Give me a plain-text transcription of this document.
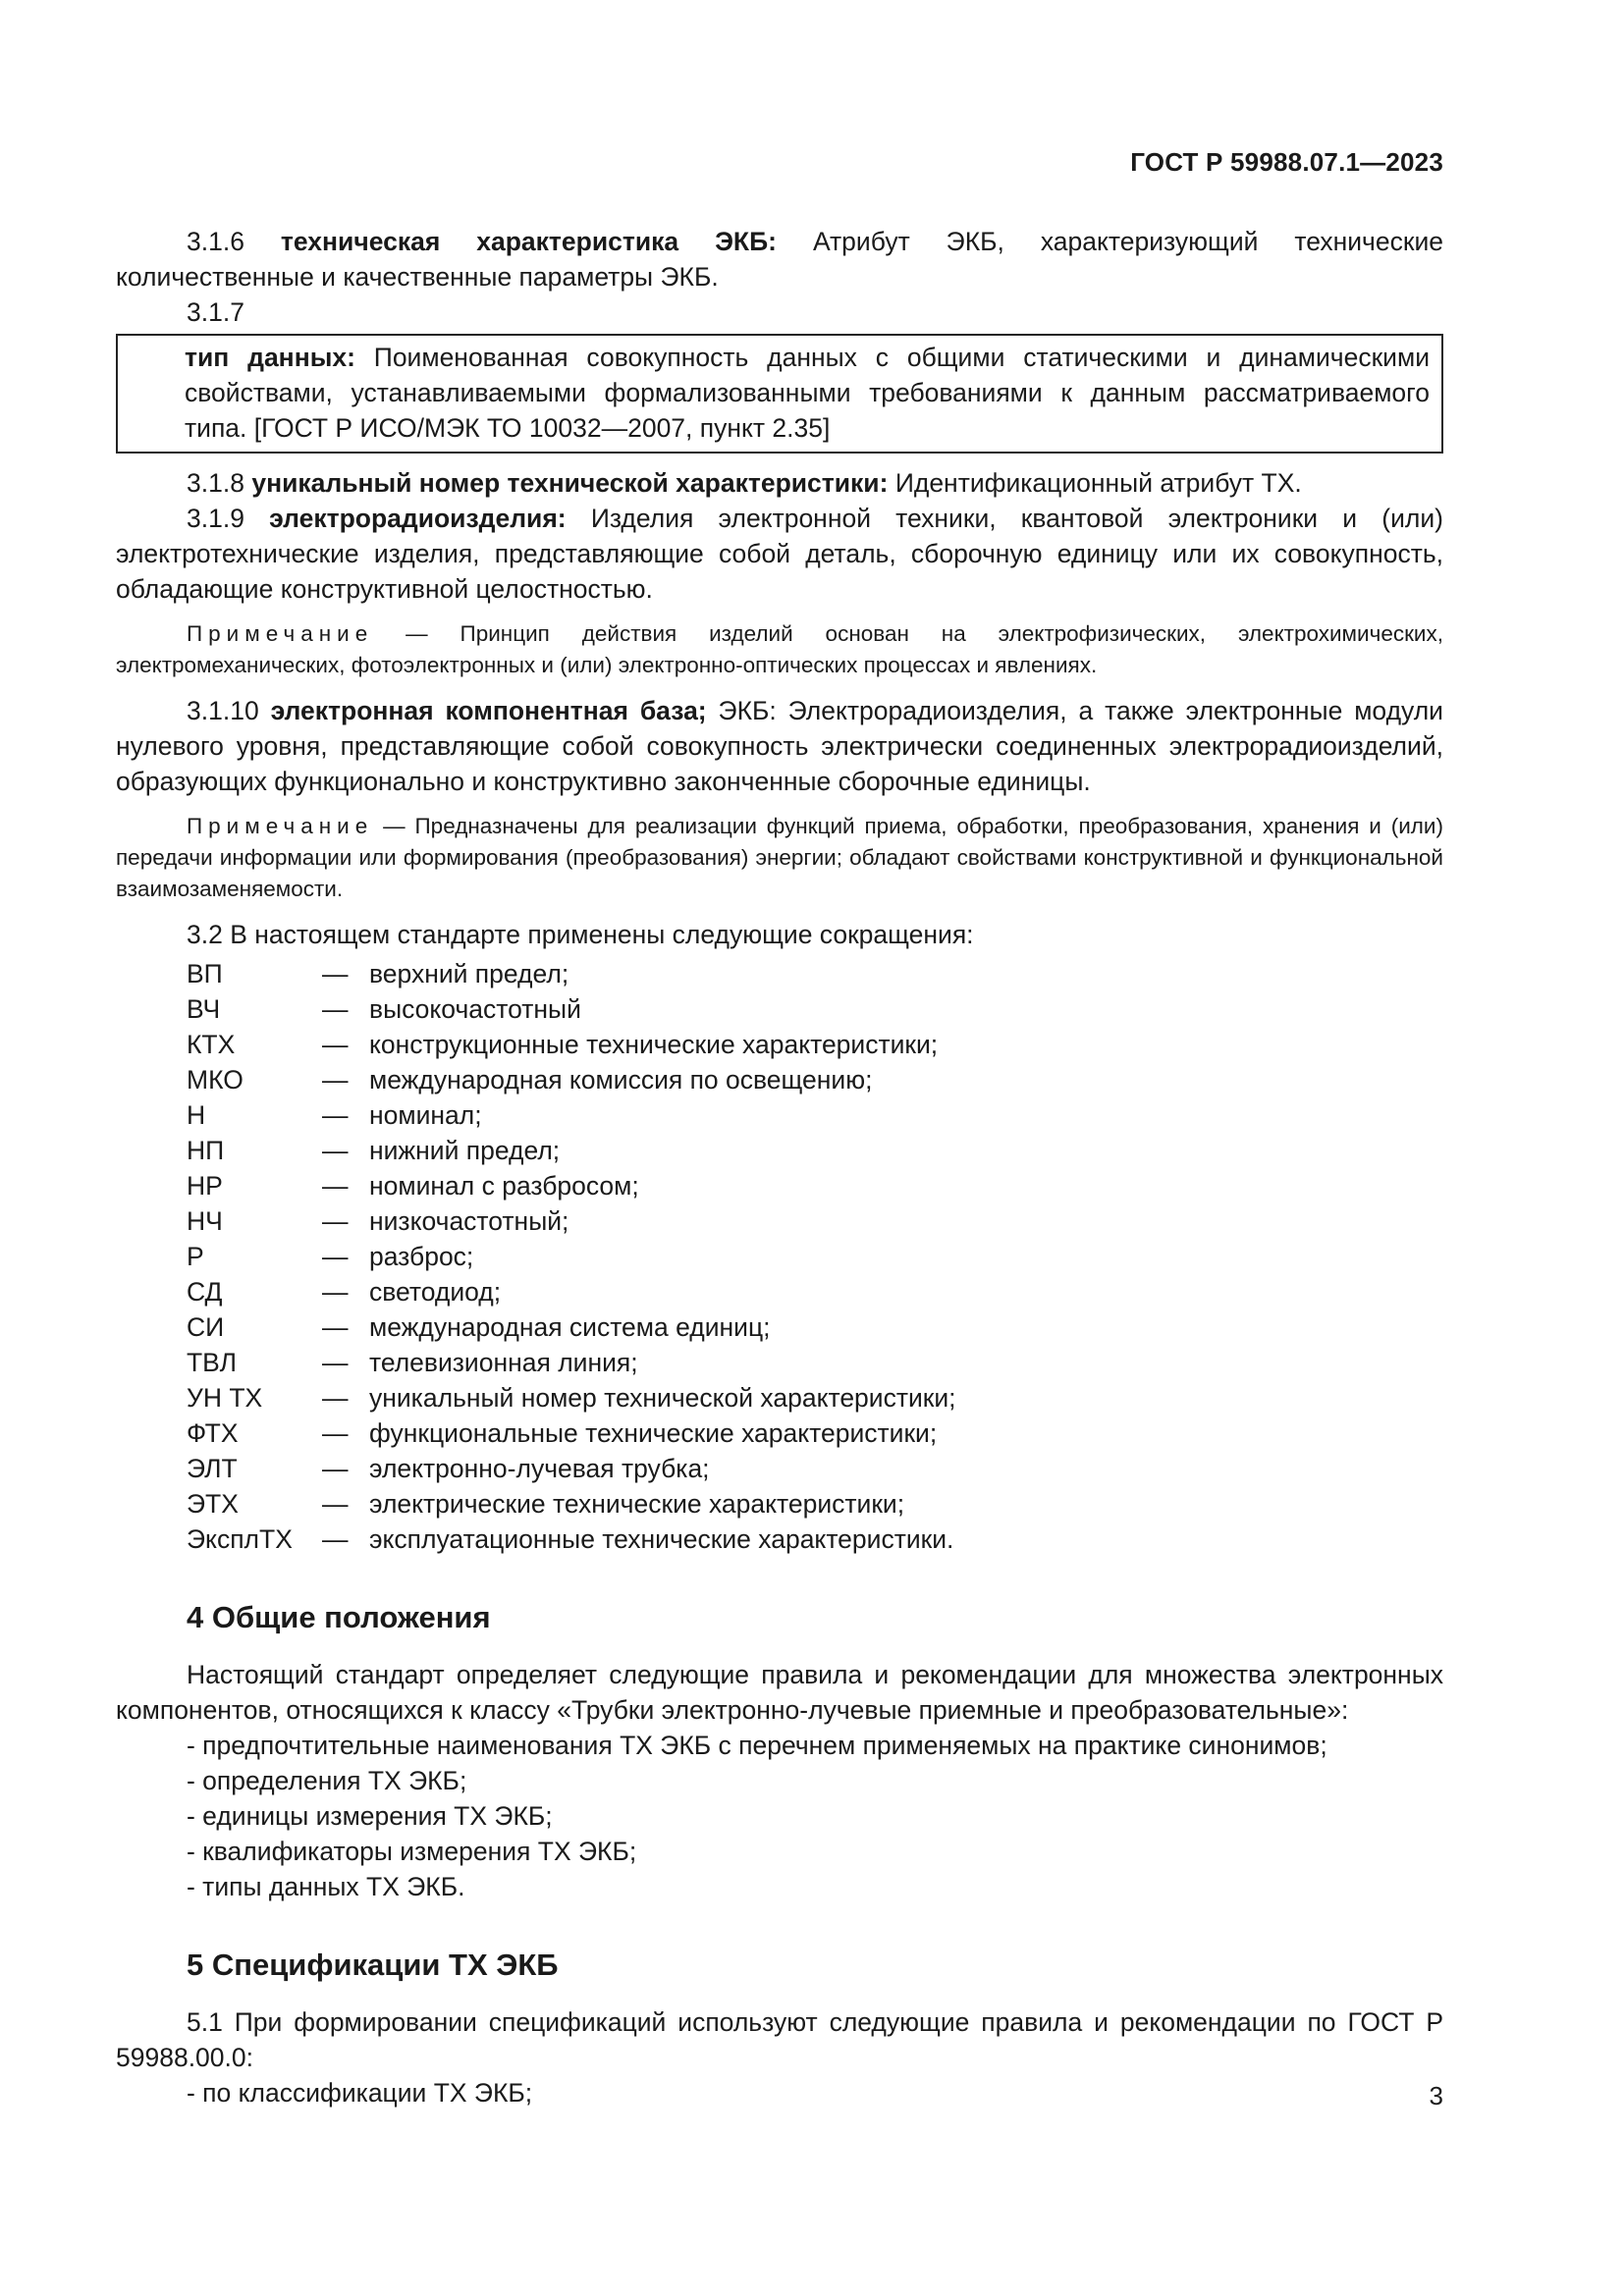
ГОСТ Р 59988.07.1—2023

3.1.6 техническая характеристика ЭКБ: Атрибут ЭКБ, характеризующий технические количественные и качественные параметры ЭКБ.

3.1.7

тип данных: Поименованная совокупность данных с общими статическими и динамическими свойствами, устанавливаемыми формализованными требованиями к данным рассматриваемого типа. [ГОСТ Р ИСО/МЭК ТО 10032—2007, пункт 2.35]

3.1.8 уникальный номер технической характеристики: Идентификационный атрибут ТХ.

3.1.9 электрорадиоизделия: Изделия электронной техники, квантовой электроники и (или) электротехнические изделия, представляющие собой деталь, сборочную единицу или их совокупность, обладающие конструктивной целостностью.

Примечание — Принцип действия изделий основан на электрофизических, электрохимических, электромеханических, фотоэлектронных и (или) электронно-оптических процессах и явлениях.

3.1.10 электронная компонентная база; ЭКБ: Электрорадиоизделия, а также электронные модули нулевого уровня, представляющие собой совокупность электрически соединенных электрорадиоизделий, образующих функционально и конструктивно законченные сборочные единицы.

Примечание — Предназначены для реализации функций приема, обработки, преобразования, хранения и (или) передачи информации или формирования (преобразования) энергии; обладают свойствами конструктивной и функциональной взаимозаменяемости.

3.2 В настоящем стандарте применены следующие сокращения:

ВП	— верхний предел;
ВЧ	— высокочастотный
КТХ	— конструкционные технические характеристики;
МКО	— международная комиссия по освещению;
Н	— номинал;
НП	— нижний предел;
НР	— номинал с разбросом;
НЧ	— низкочастотный;
Р	— разброс;
СД	— светодиод;
СИ	— международная система единиц;
ТВЛ	— телевизионная линия;
УН ТХ	— уникальный номер технической характеристики;
ФТХ	— функциональные технические характеристики;
ЭЛТ	— электронно-лучевая трубка;
ЭТХ	— электрические технические характеристики;
ЭксплТХ	— эксплуатационные технические характеристики.
4 Общие положения

Настоящий стандарт определяет следующие правила и рекомендации для множества электронных компонентов, относящихся к классу «Трубки электронно-лучевые приемные и преобразовательные»:

- предпочтительные наименования ТХ ЭКБ с перечнем применяемых на практике синонимов;
- определения ТХ ЭКБ;
- единицы измерения ТХ ЭКБ;
- квалификаторы измерения ТХ ЭКБ;
- типы данных ТХ ЭКБ.
5 Спецификации ТХ ЭКБ

5.1 При формировании спецификаций используют следующие правила и рекомендации по ГОСТ Р 59988.00.0:

- по классификации ТХ ЭКБ;	3
